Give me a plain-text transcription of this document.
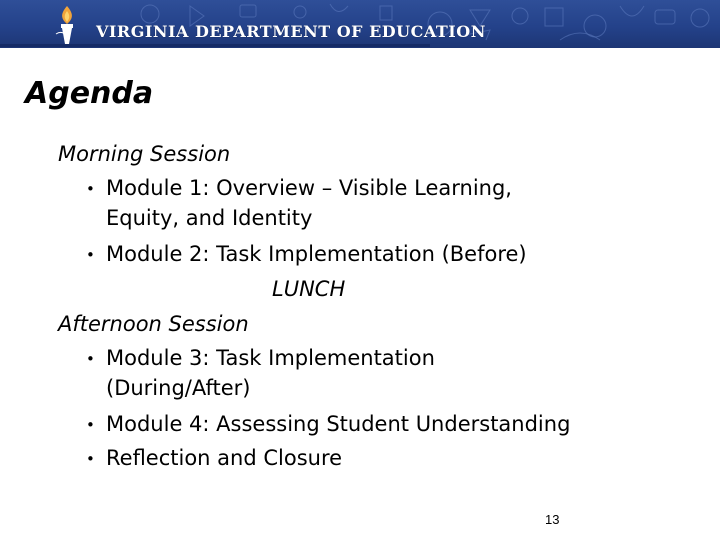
VIRGINIA DEPARTMENT OF EDUCATION
Agenda

Morning Session

• Module 1: Overview – Visible Learning,

Equity, and Identity

• Module 2: Task Implementation (Before)

LUNCH

Afternoon Session

• Module 3: Task Implementation

(During/After)

• Module 4: Assessing Student Understanding

• Reflection and Closure

13
